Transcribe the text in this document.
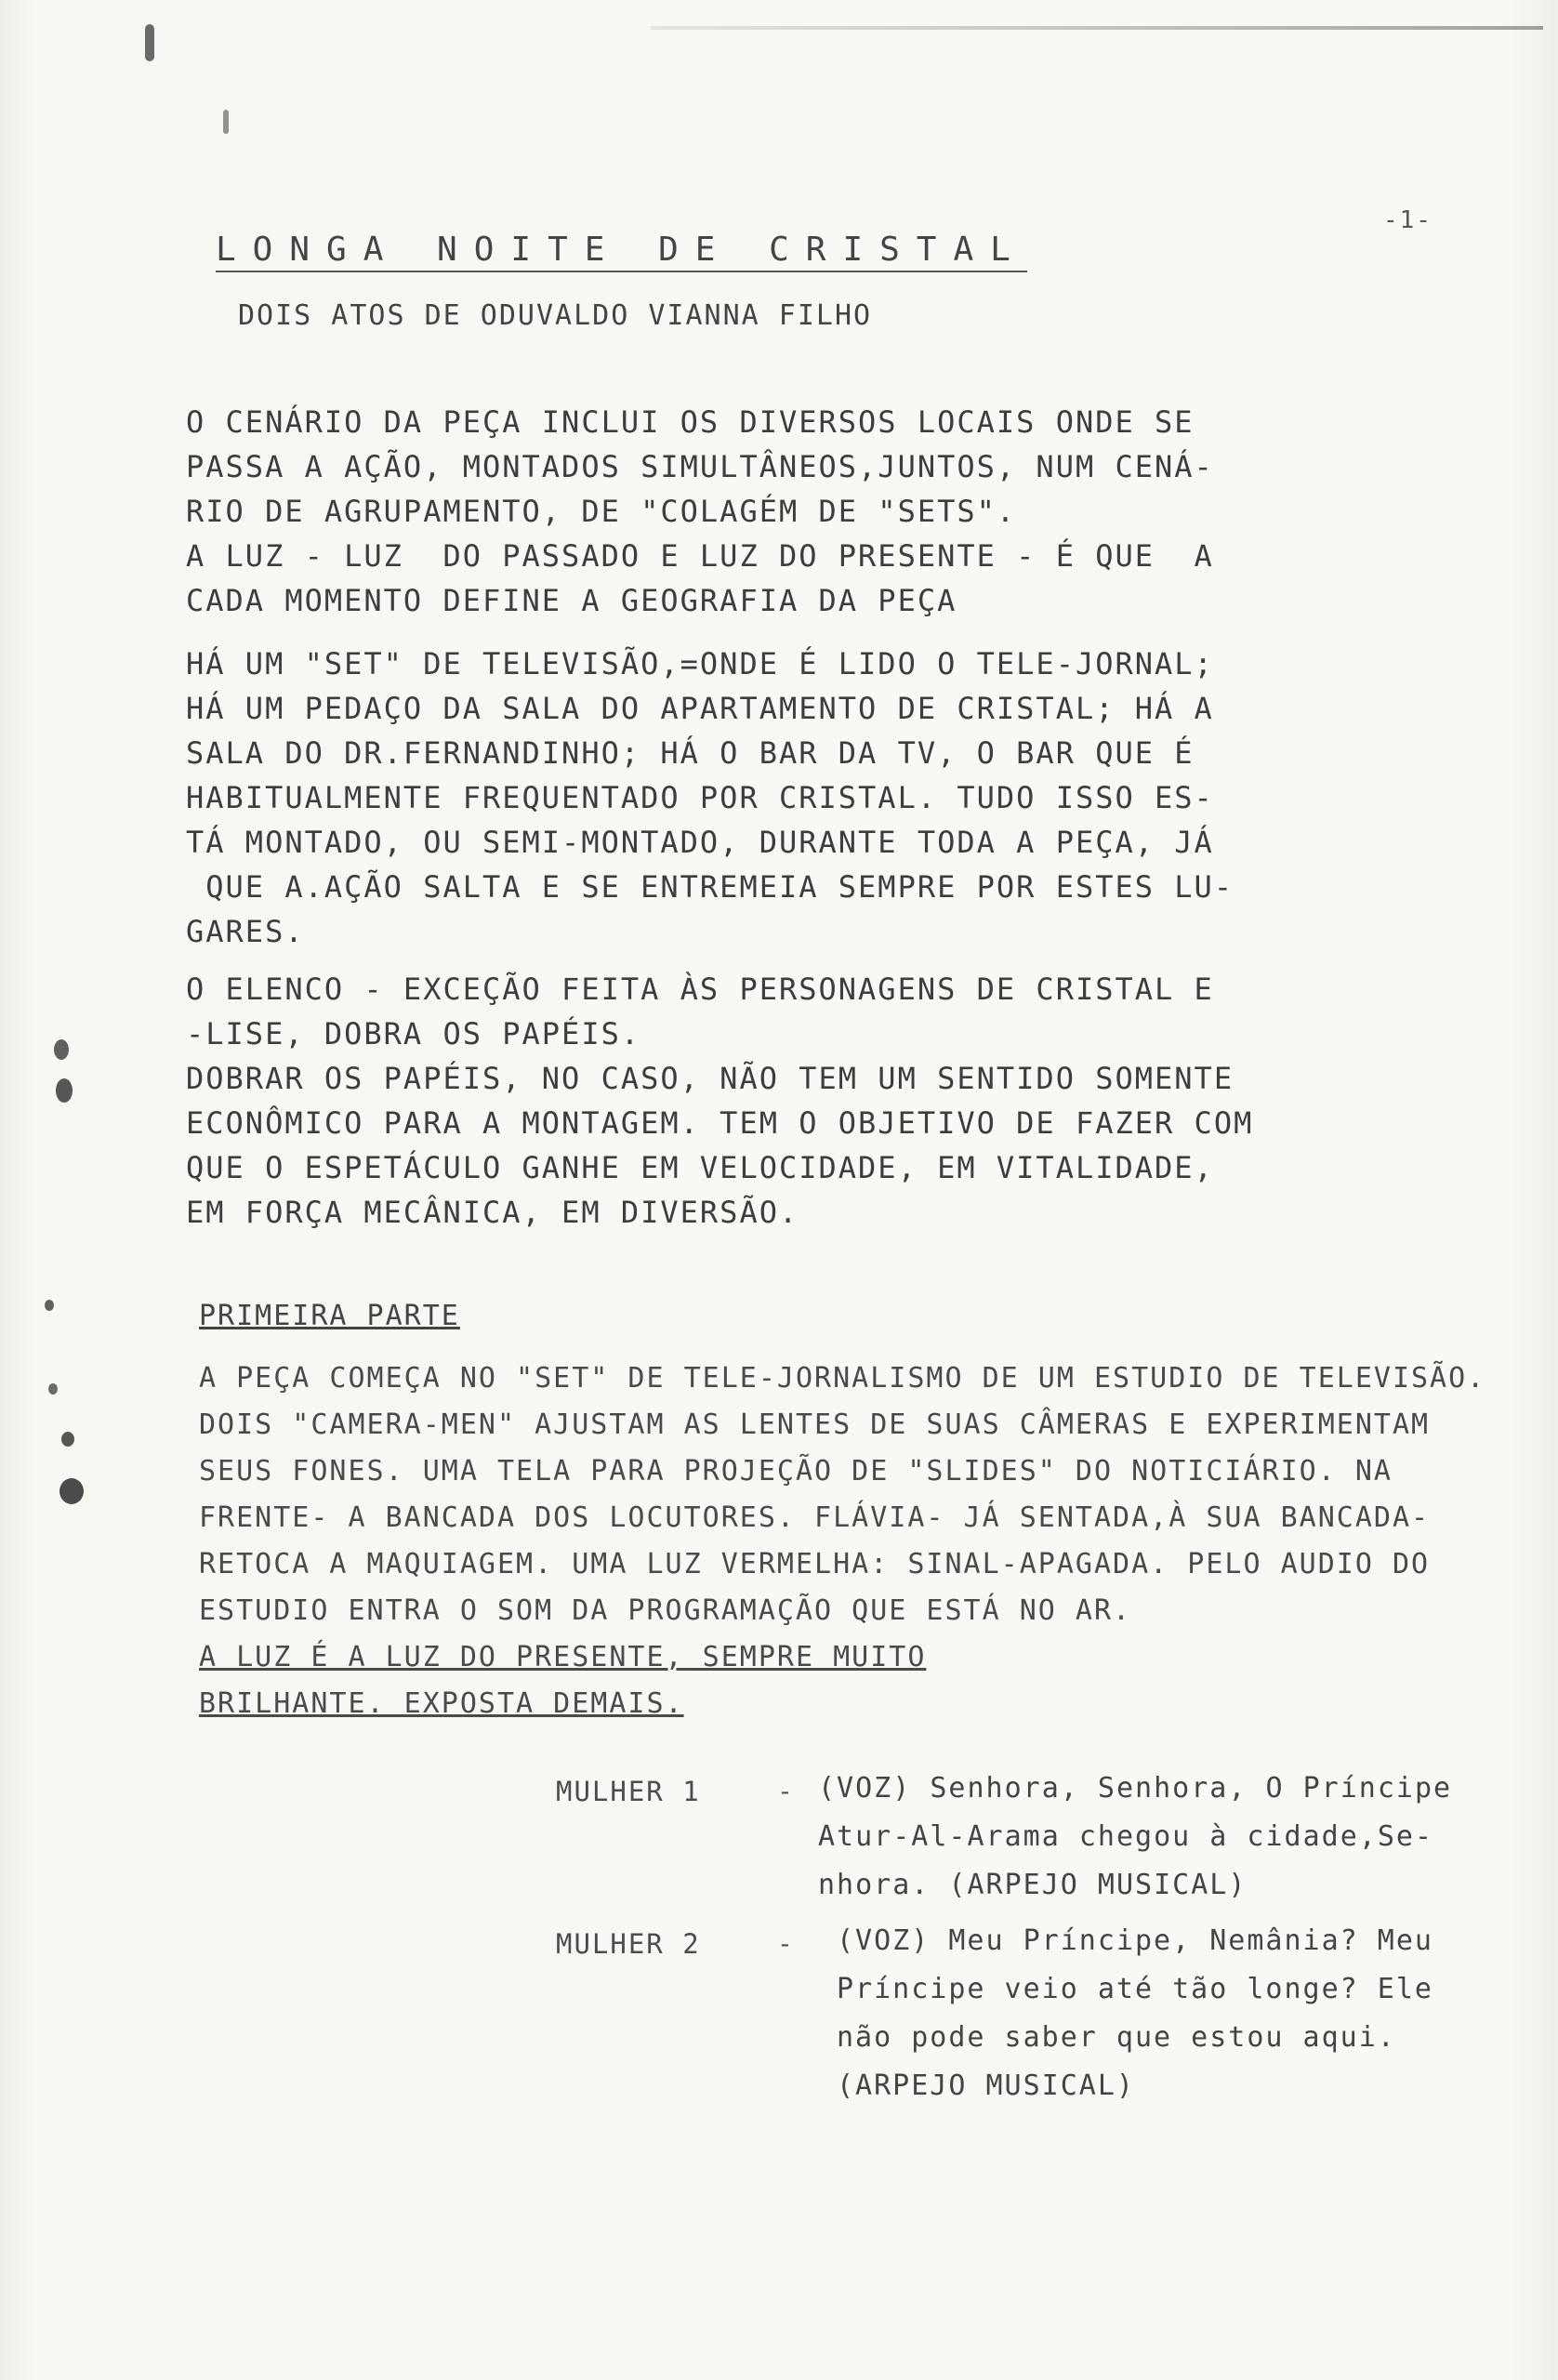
LONGA NOITE DE CRISTAL
-1-
DOIS ATOS DE ODUVALDO VIANNA FILHO
O CENÁRIO DA PEÇA INCLUI OS DIVERSOS LOCAIS ONDE SE
PASSA A AÇÃO, MONTADOS SIMULTÂNEOS,JUNTOS, NUM CENÁ-
RIO DE AGRUPAMENTO, DE "COLAGÉM DE "SETS".
A LUZ - LUZ  DO PASSADO E LUZ DO PRESENTE - É QUE  A
CADA MOMENTO DEFINE A GEOGRAFIA DA PEÇA
HÁ UM "SET" DE TELEVISÃO,=ONDE É LIDO O TELE-JORNAL;
HÁ UM PEDAÇO DA SALA DO APARTAMENTO DE CRISTAL; HÁ A
SALA DO DR.FERNANDINHO; HÁ O BAR DA TV, O BAR QUE É
HABITUALMENTE FREQUENTADO POR CRISTAL. TUDO ISSO ES-
TÁ MONTADO, OU SEMI-MONTADO, DURANTE TODA A PEÇA, JÁ
QUE A.AÇÃO SALTA E SE ENTREMEIA SEMPRE POR ESTES LU-
GARES.
O ELENCO - EXCEÇÃO FEITA ÀS PERSONAGENS DE CRISTAL E
-LISE, DOBRA OS PAPÉIS.
DOBRAR OS PAPÉIS, NO CASO, NÃO TEM UM SENTIDO SOMENTE
ECONÔMICO PARA A MONTAGEM. TEM O OBJETIVO DE FAZER COM
QUE O ESPETÁCULO GANHE EM VELOCIDADE, EM VITALIDADE,
EM FORÇA MECÂNICA, EM DIVERSÃO.
PRIMEIRA PARTE
A PEÇA COMEÇA NO "SET" DE TELE-JORNALISMO DE UM ESTUDIO DE TELEVISÃO.
DOIS "CAMERA-MEN" AJUSTAM AS LENTES DE SUAS CÂMERAS E EXPERIMENTAM
SEUS FONES. UMA TELA PARA PROJEÇÃO DE "SLIDES" DO NOTICIÁRIO. NA
FRENTE- A BANCADA DOS LOCUTORES. FLÁVIA- JÁ SENTADA,À SUA BANCADA-
RETOCA A MAQUIAGEM. UMA LUZ VERMELHA: SINAL-APAGADA. PELO AUDIO DO
ESTUDIO ENTRA O SOM DA PROGRAMAÇÃO QUE ESTÁ NO AR.
A LUZ É A LUZ DO PRESENTE, SEMPRE MUITO
BRILHANTE. EXPOSTA DEMAIS.
MULHER 1	- (VOZ) Senhora, Senhora, O Príncipe
Atur-Al-Arama chegou à cidade,Se-
nhora. (ARPEJO MUSICAL)
MULHER 2	- (VOZ) Meu Príncipe, Nemânia? Meu
Príncipe veio até tão longe? Ele
não pode saber que estou aqui.
(ARPEJO MUSICAL)
